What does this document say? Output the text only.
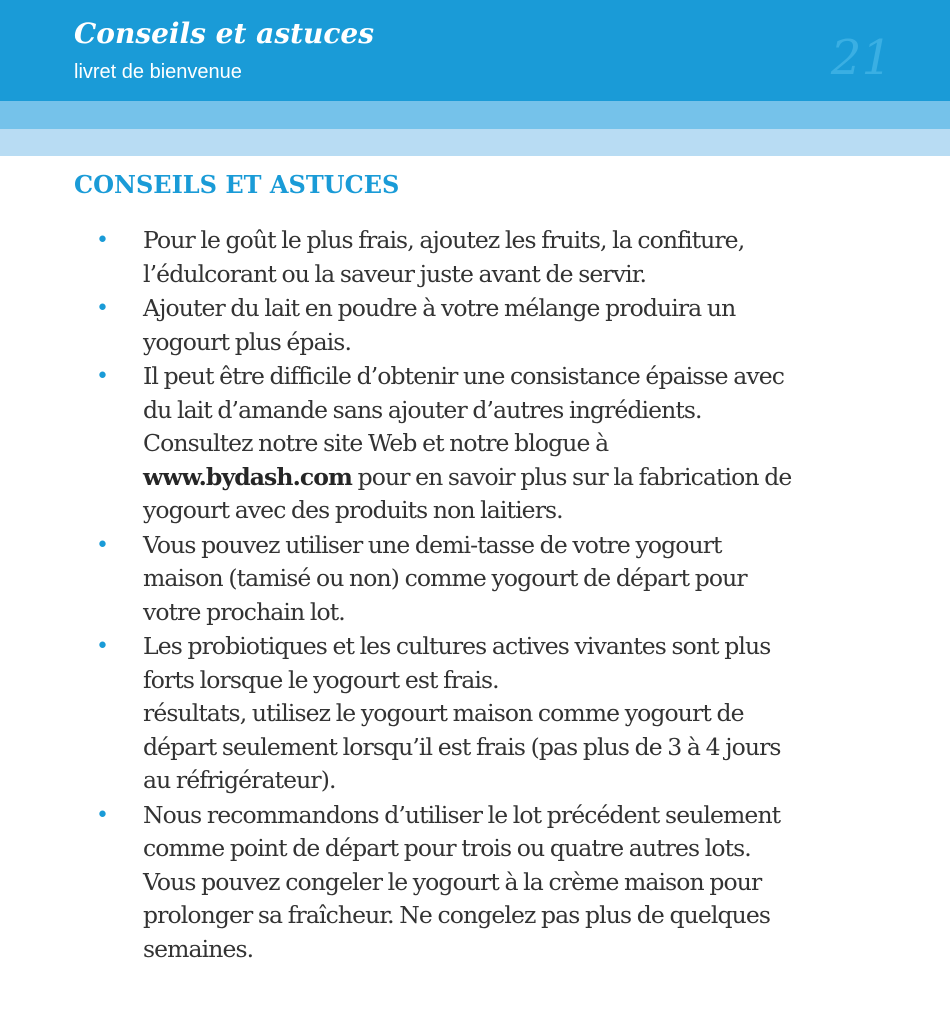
Conseils et astuces
livret de bienvenue	21
CONSEILS ET ASTUCES
• Pour le goût le plus frais, ajoutez les fruits, la confiture,
l’édulcorant ou la saveur juste avant de servir.
• Ajouter du lait en poudre à votre mélange produira un
yogourt plus épais.
• Il peut être difficile d’obtenir une consistance épaisse avec
du lait d’amande sans ajouter d’autres ingrédients.
Consultez notre site Web et notre blogue à
www.bydash.com pour en savoir plus sur la fabrication de
yogourt avec des produits non laitiers.
• Vous pouvez utiliser une demi-tasse de votre yogourt
maison (tamisé ou non) comme yogourt de départ pour
votre prochain lot.
• Les probiotiques et les cultures actives vivantes sont plus
forts lorsque le yogourt est frais.
résultats, utilisez le yogourt maison comme yogourt de
départ seulement lorsqu’il est frais (pas plus de 3 à 4 jours
au réfrigérateur).
• Nous recommandons d’utiliser le lot précédent seulement
comme point de départ pour trois ou quatre autres lots.
Vous pouvez congeler le yogourt à la crème maison pour
prolonger sa fraîcheur. Ne congelez pas plus de quelques
semaines.
